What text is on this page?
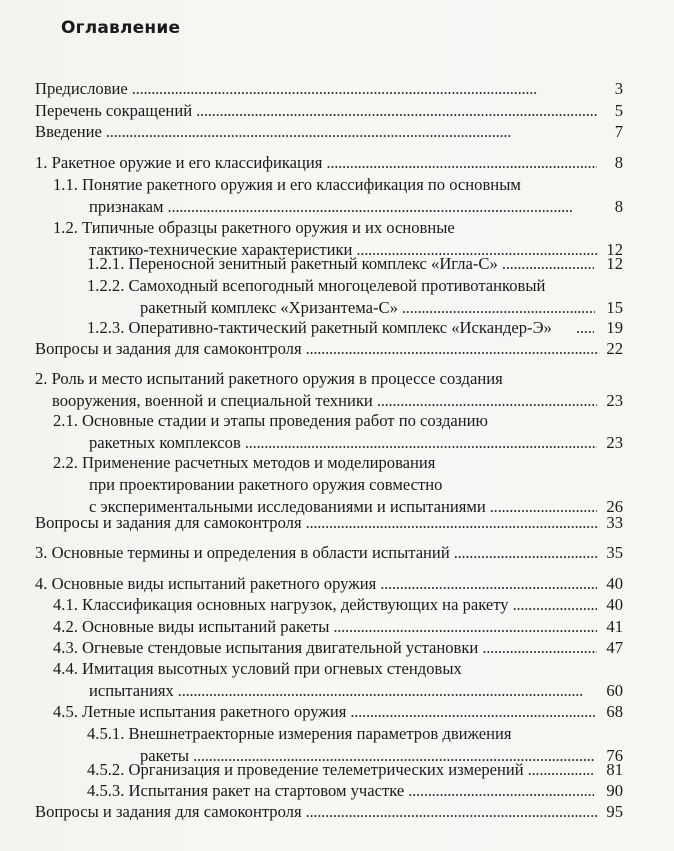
Оглавление
Предисловие . . .	3
Перечень сокращений . . .	5
Введение . . .	7
1. Ракетное оружие и его классификация . . .	8
1.1. Понятие ракетного оружия и его классификация по основным
признакам . . .	8
1.2. Типичные образцы ракетного оружия и их основные
тактико-технические характеристики . . .	12
1.2.1. Переносной зенитный ракетный комплекс «Игла-С» . . .	12
1.2.2. Самоходный всепогодный многоцелевой противотанковый
ракетный комплекс «Хризантема-С» . . .	15
1.2.3. Оперативно-тактический ракетный комплекс «Искандер-Э» . . .	19
Вопросы и задания для самоконтроля . . .	22
2. Роль и место испытаний ракетного оружия в процессе создания
вооружения, военной и специальной техники . . .	23
2.1. Основные стадии и этапы проведения работ по созданию
ракетных комплексов . . .	23
2.2. Применение расчетных методов и моделирования
при проектировании ракетного оружия совместно
с экспериментальными исследованиями и испытаниями . . .	26
Вопросы и задания для самоконтроля . . .	33
3. Основные термины и определения в области испытаний . . .	35
4. Основные виды испытаний ракетного оружия . . .	40
4.1. Классификация основных нагрузок, действующих на ракету . . .	40
4.2. Основные виды испытаний ракеты . . .	41
4.3. Огневые стендовые испытания двигательной установки . . .	47
4.4. Имитация высотных условий при огневых стендовых
испытаниях . . .	60
4.5. Летные испытания ракетного оружия . . .	68
4.5.1. Внешнетраекторные измерения параметров движения
ракеты . . .	76
4.5.2. Организация и проведение телеметрических измерений . . .	81
4.5.3. Испытания ракет на стартовом участке . . .	90
Вопросы и задания для самоконтроля . . .	95
